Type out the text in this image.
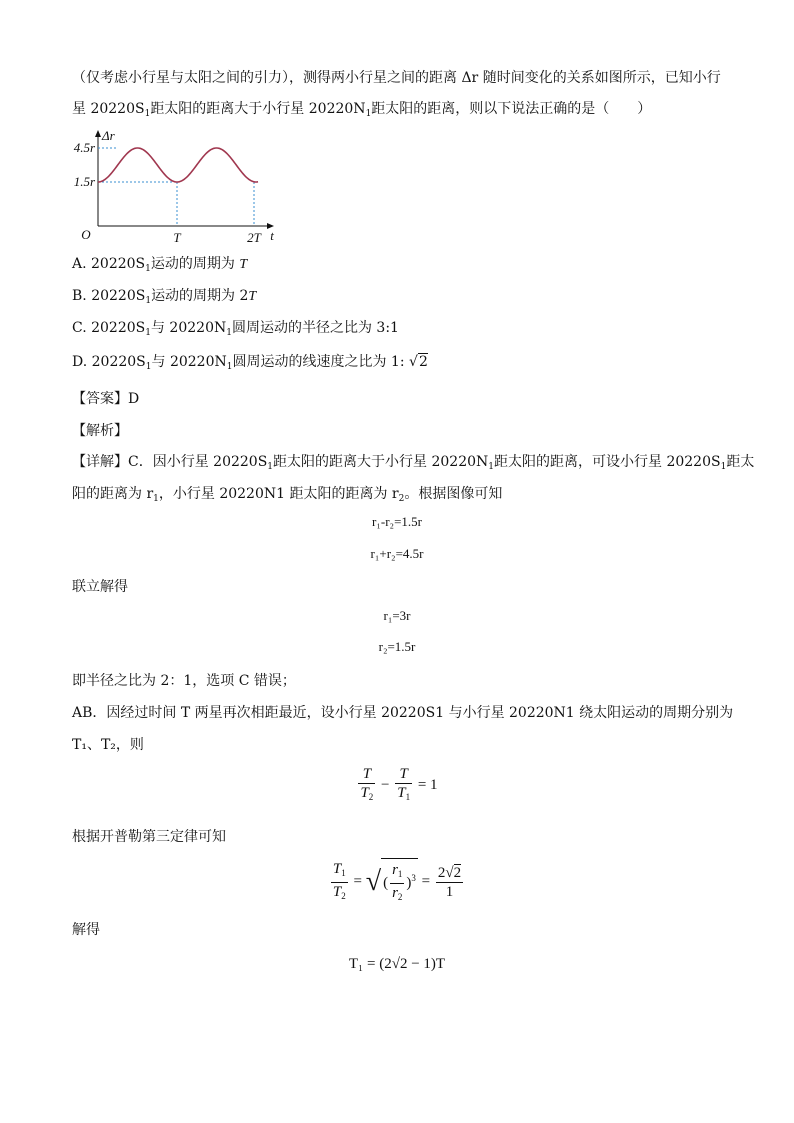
（仅考虑小行星与太阳之间的引力），测得两小行星之间的距离 Δr 随时间变化的关系如图所示，已知小行
星 $20220S_1$距太阳的距离大于小行星 $20220N_1$距太阳的距离，则以下说法正确的是（　　）
Δr
4.5r
1.5r
O	T	2T t
A. $20220S_1$运动的周期为 T
B. $20220S_1$运动的周期为 2T
C. $20220S_1$与 $20220N_1$圆周运动的半径之比为 3:1
D. $20220S_1$与 $20220N_1$圆周运动的线速度之比为 1: √2
【答案】D
【解析】
【详解】C．因小行星 $20220S_1$距太阳的距离大于小行星 $20220N_1$距太阳的距离，可设小行星 $20220S_1$距太
阳的距离为 $r_1$，小行星 20220N1 距太阳的距离为 $r_2$。根据图像可知
r₁-r₂=1.5r
r₁+r₂=4.5r
联立解得
r₁=3r
r₂=1.5r
即半径之比为 2：1，选项 C 错误；
AB．因经过时间 T 两星再次相距最近，设小行星 20220S1 与小行星 20220N1 绕太阳运动的周期分别为
T₁、T₂，则
$\frac{T}{T_2} - \frac{T}{T_1} = 1$
根据开普勒第三定律可知
$\frac{T_1}{T_2}$ = √ ( $\frac{r_1}{r_2} )^3 = \frac{2√2}{1}$
解得
T₁ = (2√2 − 1)T
